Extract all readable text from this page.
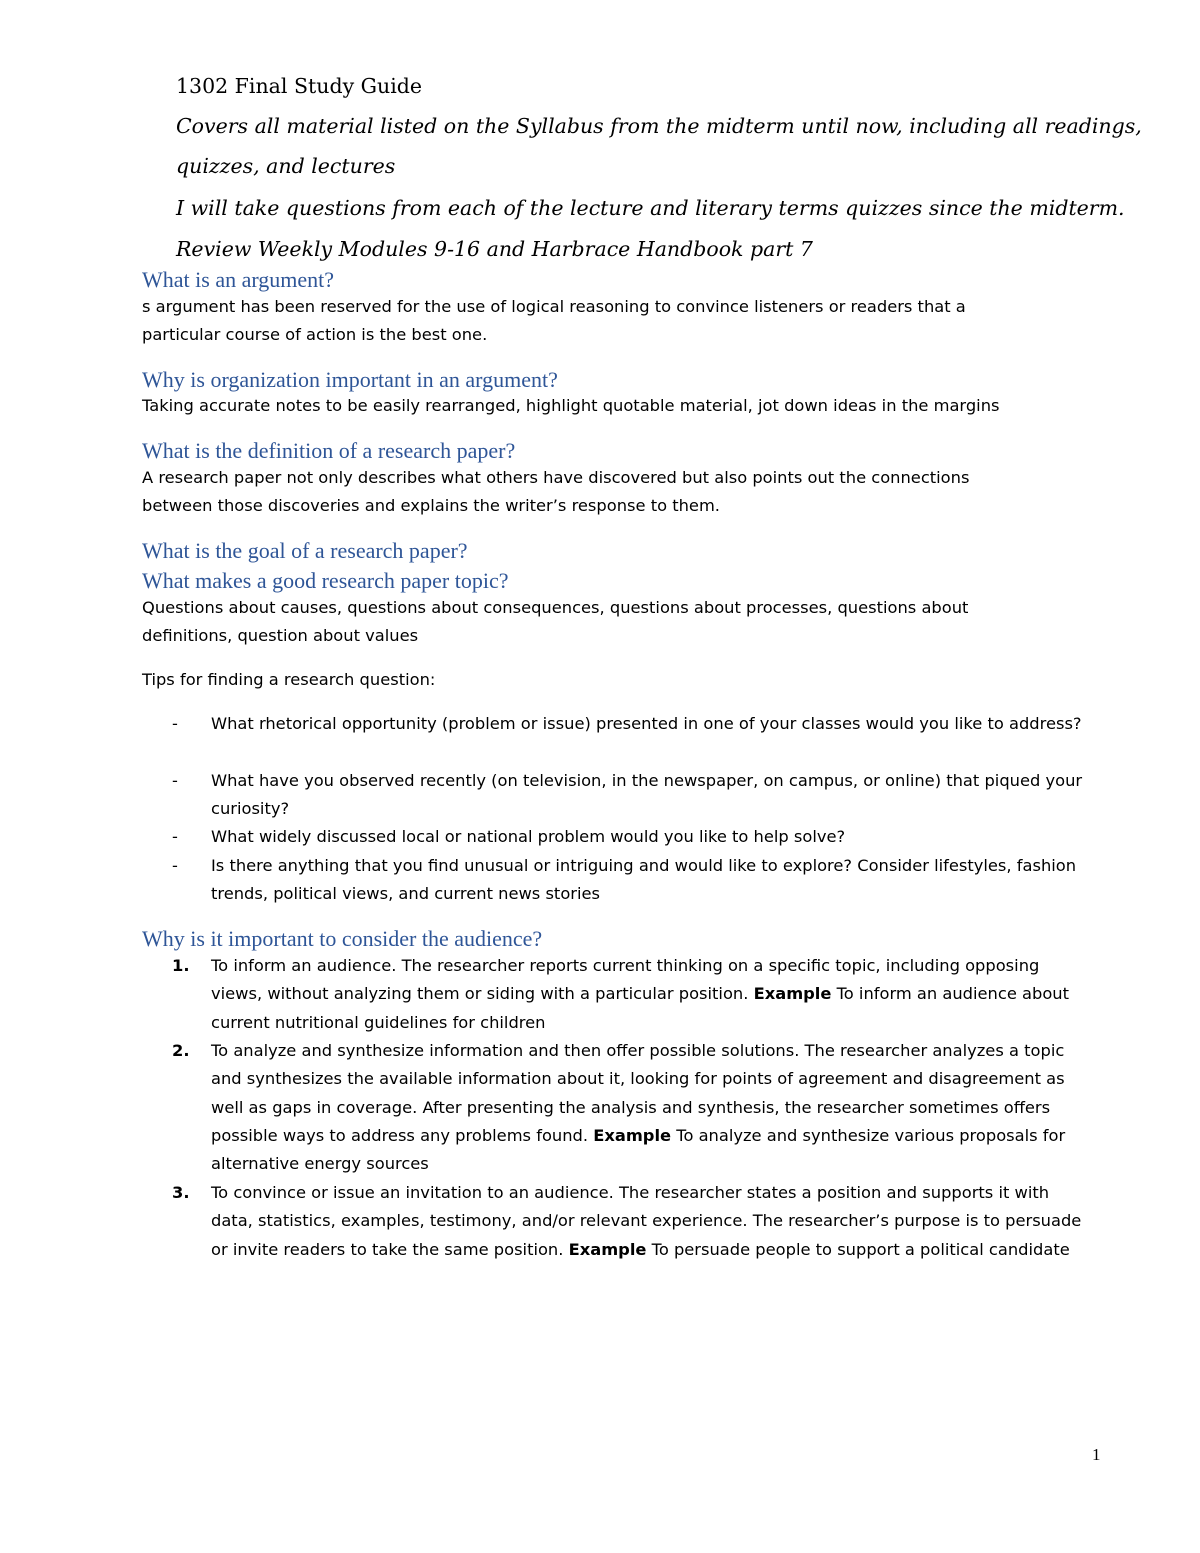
1302 Final Study Guide
Covers all material listed on the Syllabus from the midterm until now, including all readings,
quizzes, and lectures
I will take questions from each of the lecture and literary terms quizzes since the midterm.
Review Weekly Modules 9-16 and Harbrace Handbook part 7
What is an argument?
s argument has been reserved for the use of logical reasoning to convince listeners or readers that a
particular course of action is the best one.
Why is organization important in an argument?
Taking accurate notes to be easily rearranged, highlight quotable material, jot down ideas in the margins
What is the definition of a research paper?
A research paper not only describes what others have discovered but also points out the connections
between those discoveries and explains the writer’s response to them.
What is the goal of a research paper?
What makes a good research paper topic?
Questions about causes, questions about consequences, questions about processes, questions about
definitions, question about values
Tips for finding a research question:
- What rhetorical opportunity (problem or issue) presented in one of your classes would you like to address?
- What have you observed recently (on television, in the newspaper, on campus, or online) that piqued your curiosity?
- What widely discussed local or national problem would you like to help solve?
- Is there anything that you find unusual or intriguing and would like to explore? Consider lifestyles, fashion trends, political views, and current news stories
Why is it important to consider the audience?
1. To inform an audience. The researcher reports current thinking on a specific topic, including opposing views, without analyzing them or siding with a particular position. Example To inform an audience about current nutritional guidelines for children
2. To analyze and synthesize information and then offer possible solutions. The researcher analyzes a topic and synthesizes the available information about it, looking for points of agreement and disagreement as well as gaps in coverage. After presenting the analysis and synthesis, the researcher sometimes offers possible ways to address any problems found. Example To analyze and synthesize various proposals for alternative energy sources
3. To convince or issue an invitation to an audience. The researcher states a position and supports it with data, statistics, examples, testimony, and/or relevant experience. The researcher’s purpose is to persuade or invite readers to take the same position. Example To persuade people to support a political candidate
1
